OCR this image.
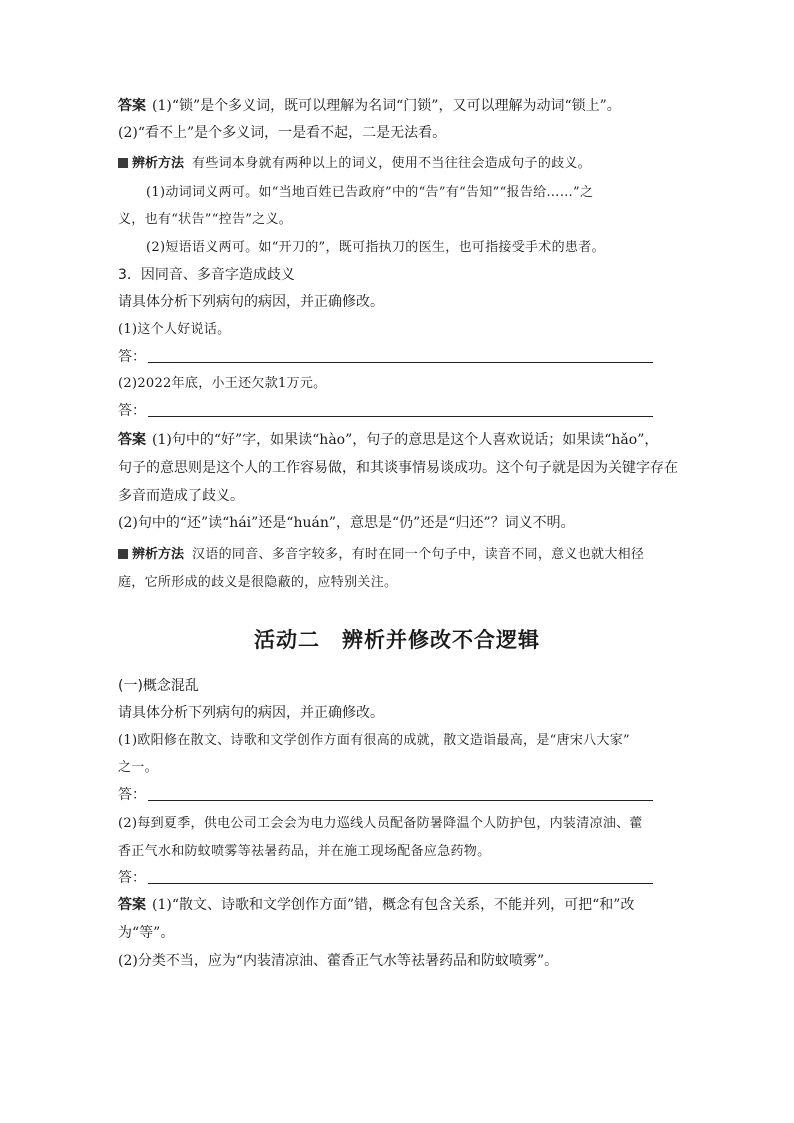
答案 (1)“锁”是个多义词，既可以理解为名词“门锁”，又可以理解为动词“锁上”。
(2)“看不上”是个多义词，一是看不起，二是无法看。
辨析方法 有些词本身就有两种以上的词义，使用不当往往会造成句子的歧义。
(1)动词词义两可。如“当地百姓已告政府”中的“告”有“告知”“报告给……”之
义，也有“状告”“控告”之义。
(2)短语语义两可。如“开刀的”，既可指执刀的医生，也可指接受手术的患者。
3．因同音、多音字造成歧义
请具体分析下列病句的病因，并正确修改。
(1)这个人好说话。
答：
(2)2022年底，小王还欠款1万元。
答：
答案 (1)句中的“好”字，如果读“hào”，句子的意思是这个人喜欢说话；如果读“hǎo”，
句子的意思则是这个人的工作容易做，和其谈事情易谈成功。这个句子就是因为关键字存在
多音而造成了歧义。
(2)句中的“还”读“hái”还是“huán”，意思是“仍”还是“归还”？词义不明。
辨析方法 汉语的同音、多音字较多，有时在同一个句子中，读音不同，意义也就大相径
庭，它所形成的歧义是很隐蔽的，应特别关注。
活动二　辨析并修改不合逻辑
(一)概念混乱
请具体分析下列病句的病因，并正确修改。
(1)欧阳修在散文、诗歌和文学创作方面有很高的成就，散文造诣最高，是“唐宋八大家”
之一。
答：
(2)每到夏季，供电公司工会会为电力巡线人员配备防暑降温个人防护包，内装清凉油、藿
香正气水和防蚊喷雾等祛暑药品，并在施工现场配备应急药物。
答：
答案 (1)“散文、诗歌和文学创作方面”错，概念有包含关系，不能并列，可把“和”改
为“等”。
(2)分类不当，应为“内装清凉油、藿香正气水等祛暑药品和防蚊喷雾”。
